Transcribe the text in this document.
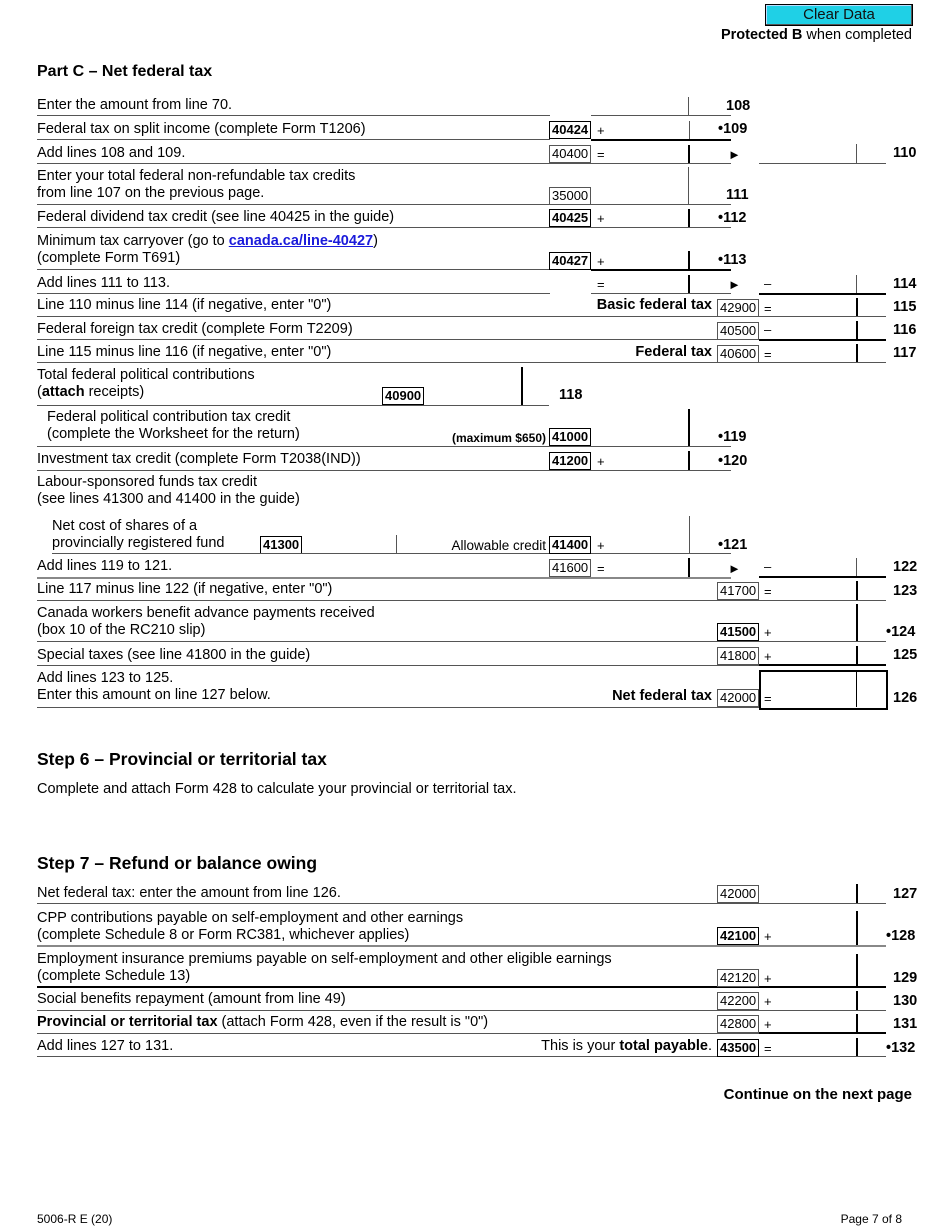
Clear Data
Protected B when completed
Part C – Net federal tax
Enter the amount from line 70.	108
Federal tax on split income (complete Form T1206)	40424 +	•109
Add lines 108 and 109.	40400 =	►	110
Enter your total federal non-refundable tax credits
from line 107 on the previous page.	35000	111
Federal dividend tax credit (see line 40425 in the guide)	40425 +	•112
Minimum tax carryover (go to canada.ca/line-40427)
(complete Form T691)	40427 +	•113
Add lines 111 to 113.	=	► –	114
Line 110 minus line 114 (if negative, enter "0")	Basic federal tax 42900 =	115
Federal foreign tax credit (complete Form T2209)	40500 –	116
Line 115 minus line 116 (if negative, enter "0")	Federal tax 40600 =	117
Total federal political contributions
(attach receipts)	40900	118
Federal political contribution tax credit
(complete the Worksheet for the return)	(maximum $650) 41000	•119
Investment tax credit (complete Form T2038(IND))	41200 +	•120
Labour-sponsored funds tax credit
(see lines 41300 and 41400 in the guide)
Net cost of shares of a
provincially registered fund	41300	Allowable credit 41400 +	•121
Add lines 119 to 121.	41600 =	► –	122
Line 117 minus line 122 (if negative, enter "0")	41700 =	123
Canada workers benefit advance payments received
(box 10 of the RC210 slip)	41500 +	•124
Special taxes (see line 41800 in the guide)	41800 +	125
Add lines 123 to 125.
Enter this amount on line 127 below.	Net federal tax 42000 =	126
Step 6 – Provincial or territorial tax
Complete and attach Form 428 to calculate your provincial or territorial tax.
Step 7 – Refund or balance owing
Net federal tax: enter the amount from line 126.	42000	127
CPP contributions payable on self-employment and other earnings
(complete Schedule 8 or Form RC381, whichever applies)	42100 +	•128
Employment insurance premiums payable on self-employment and other eligible earnings
(complete Schedule 13)	42120 +	129
Social benefits repayment (amount from line 49)	42200 +	130
Provincial or territorial tax (attach Form 428, even if the result is "0")	42800 +	131
Add lines 127 to 131.	This is your total payable. 43500 =	•132
Continue on the next page
5006-R E (20)	Page 7 of 8
